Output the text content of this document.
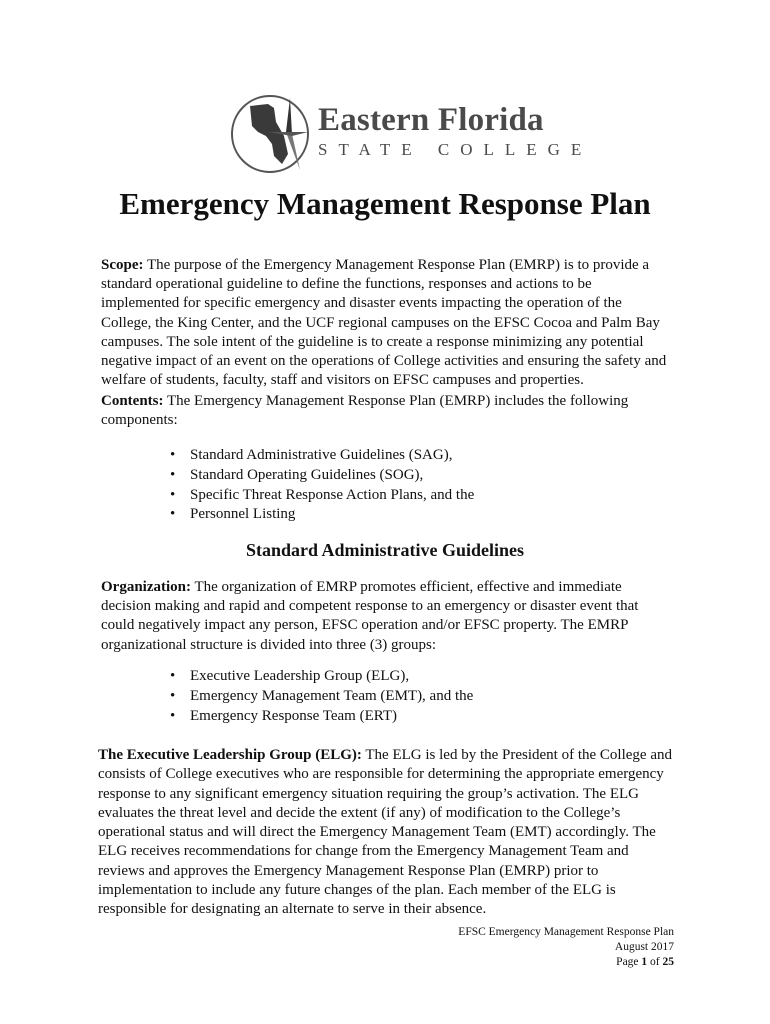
Eastern Florida
STATE COLLEGE
Emergency Management Response Plan

Scope: The purpose of the Emergency Management Response Plan (EMRP) is to provide a standard operational guideline to define the functions, responses and actions to be implemented for specific emergency and disaster events impacting the operation of the College, the King Center, and the UCF regional campuses on the EFSC Cocoa and Palm Bay campuses. The sole intent of the guideline is to create a response minimizing any potential negative impact of an event on the operations of College activities and ensuring the safety and welfare of students, faculty, staff and visitors on EFSC campuses and properties.

Contents: The Emergency Management Response Plan (EMRP) includes the following components:

• Standard Administrative Guidelines (SAG),
• Standard Operating Guidelines (SOG),
• Specific Threat Response Action Plans, and the
• Personnel Listing
Standard Administrative Guidelines

Organization: The organization of EMRP promotes efficient, effective and immediate decision making and rapid and competent response to an emergency or disaster event that could negatively impact any person, EFSC operation and/or EFSC property. The EMRP organizational structure is divided into three (3) groups:

• Executive Leadership Group (ELG),
• Emergency Management Team (EMT), and the
• Emergency Response Team (ERT)

The Executive Leadership Group (ELG): The ELG is led by the President of the College and consists of College executives who are responsible for determining the appropriate emergency response to any significant emergency situation requiring the group’s activation. The ELG evaluates the threat level and decide the extent (if any) of modification to the College’s operational status and will direct the Emergency Management Team (EMT) accordingly. The ELG receives recommendations for change from the Emergency Management Team and reviews and approves the Emergency Management Response Plan (EMRP) prior to implementation to include any future changes of the plan. Each member of the ELG is responsible for designating an alternate to serve in their absence.

EFSC Emergency Management Response Plan
August 2017
Page 1 of 25
